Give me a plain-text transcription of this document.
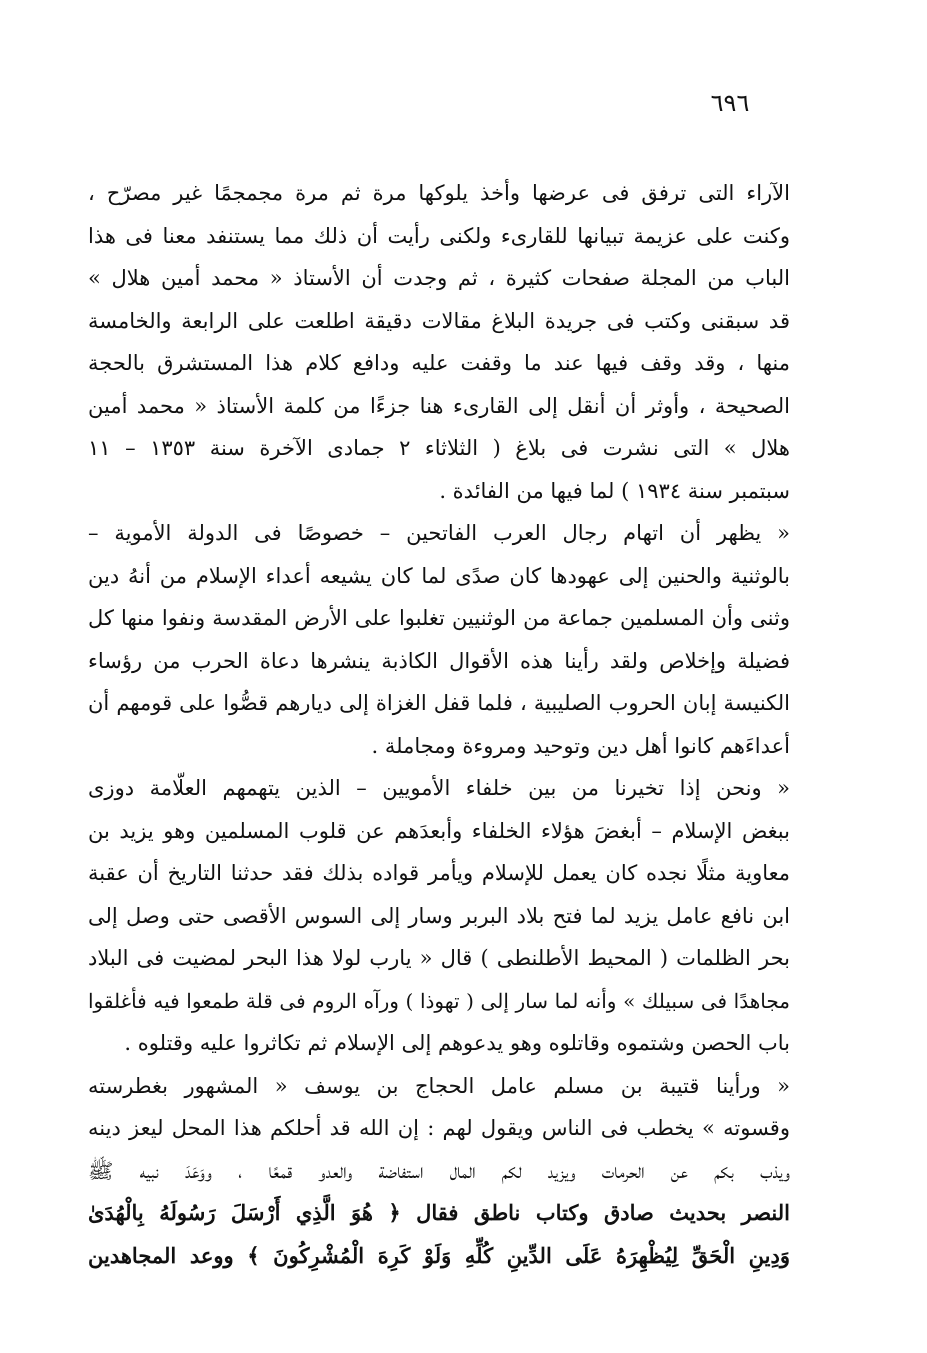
٦٩٦
الآراء التى ترفق فى عرضها وأخذ يلوكها مرة ثم مرة مجمجمًا غير مصرّح ،
وكنت على عزيمة تبيانها للقارىء ولكنى رأيت أن ذلك مما يستنفد معنا فى هذا
الباب من المجلة صفحات كثيرة ، ثم وجدت أن الأستاذ « محمد أمين هلال »
قد سبقنى وكتب فى جريدة البلاغ مقالات دقيقة اطلعت على الرابعة والخامسة
منها ، وقد وقف فيها عند ما وقفت عليه ودافع كلام هذا المستشرق بالحجة
الصحيحة ، وأوثر أن أنقل إلى القارىء هنا جزءًا من كلمة الأستاذ « محمد أمين
هلال » التى نشرت فى بلاغ ( الثلاثاء ٢ جمادى الآخرة سنة ١٣٥٣ – ١١
سبتمبر سنة ١٩٣٤ ) لما فيها من الفائدة .
« يظهر أن اتهام رجال العرب الفاتحين – خصوصًا فى الدولة الأموية –
بالوثنية والحنين إلى عهودها كان صدًى لما كان يشيعه أعداء الإسلام من أنهُ دين
وثنى وأن المسلمين جماعة من الوثنيين تغلبوا على الأرض المقدسة ونفوا منها كل
فضيلة وإخلاص ولقد رأينا هذه الأقوال الكاذبة ينشرها دعاة الحرب من رؤساء
الكنيسة إبان الحروب الصليبية ، فلما قفل الغزاة إلى ديارهم قصُّوا على قومهم أن
أعداءَهم كانوا أهل دين وتوحيد ومروءة ومجاملة .
« ونحن إذا تخيرنا من بين خلفاء الأمويين – الذين يتهمهم العلّامة دوزى
ببغض الإسلام – أبغضَ هؤلاء الخلفاء وأبعدَهم عن قلوب المسلمين وهو يزيد بن
معاوية مثلًا نجده كان يعمل للإسلام ويأمر قواده بذلك فقد حدثنا التاريخ أن عقبة
ابن نافع عامل يزيد لما فتح بلاد البربر وسار إلى السوس الأقصى حتى وصل إلى
بحر الظلمات ( المحيط الأطلنطى ) قال « يارب لولا هذا البحر لمضيت فى البلاد
مجاهدًا فى سبيلك » وأنه لما سار إلى ( تهوذا ) ورآه الروم فى قلة طمعوا فيه فأغلقوا
باب الحصن وشتموه وقاتلوه وهو يدعوهم إلى الإسلام ثم تكاثروا عليه وقتلوه .
« ورأينا قتيبة بن مسلم عامل الحجاج بن يوسف « المشهور بغطرسته
وقسوته » يخطب فى الناس ويقول لهم : إن الله قد أحلكم هذا المحل ليعز دينه
ويذب بكم عن الحرمات ويزيد لكم المال استفاضة والعدو قمعًا ، ووَعَدَ نبيه ﷺ
النصر بحديث صادق وكتاب ناطق فقال ﴿ هُوَ الَّذِي أَرْسَلَ رَسُولَهُ بِالْهُدَىٰ
وَدِينِ الْحَقِّ لِيُظْهِرَهُ عَلَى الدِّينِ كُلِّهِ وَلَوْ كَرِهَ الْمُشْرِكُونَ ﴾ ووعد المجاهدين
